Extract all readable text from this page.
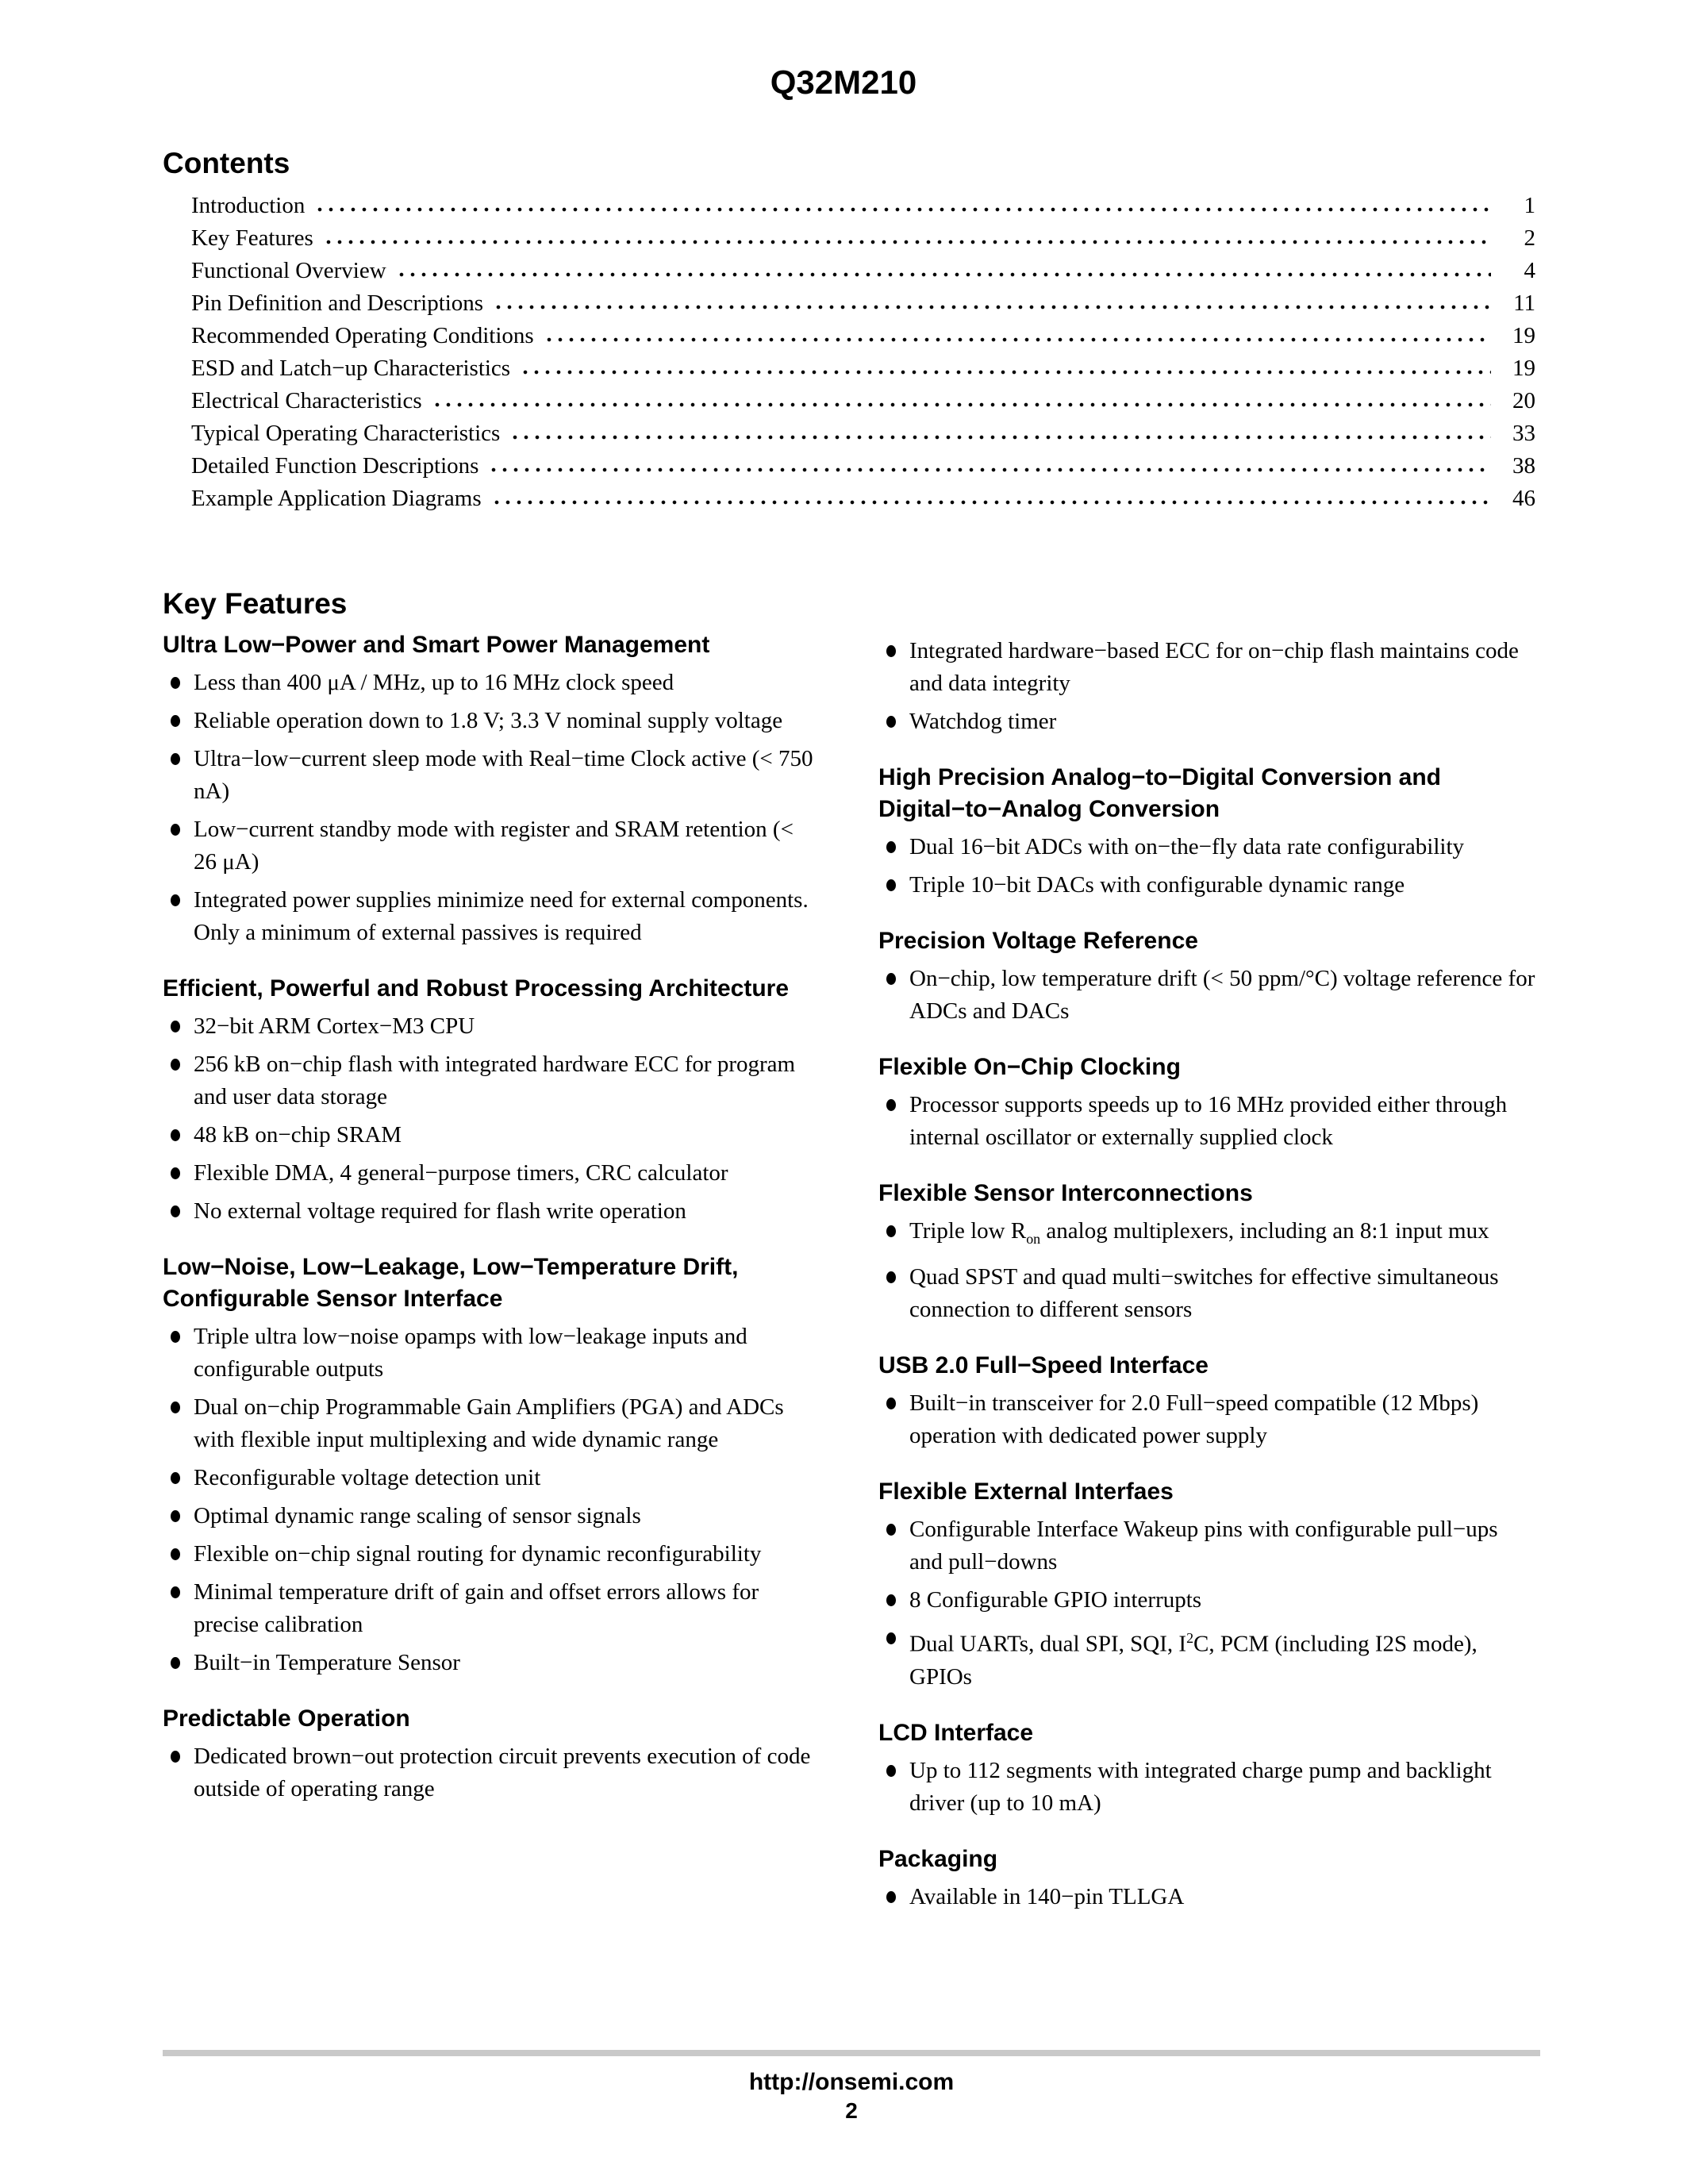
Q32M210
Contents
Introduction	1
Key Features	2
Functional Overview	4
Pin Definition and Descriptions	11
Recommended Operating Conditions	19
ESD and Latch−up Characteristics	19
Electrical Characteristics	20
Typical Operating Characteristics	33
Detailed Function Descriptions	38
Example Application Diagrams	46
Key Features
Ultra Low−Power and Smart Power Management
Less than 400 μA / MHz, up to 16 MHz clock speed
Reliable operation down to 1.8 V; 3.3 V nominal supply voltage
Ultra−low−current sleep mode with Real−time Clock active (< 750 nA)
Low−current standby mode with register and SRAM retention (< 26 μA)
Integrated power supplies minimize need for external components. Only a minimum of external passives is required
Efficient, Powerful and Robust Processing Architecture
32−bit ARM Cortex−M3 CPU
256 kB on−chip flash with integrated hardware ECC for program and user data storage
48 kB on−chip SRAM
Flexible DMA, 4 general−purpose timers, CRC calculator
No external voltage required for flash write operation
Low−Noise, Low−Leakage, Low−Temperature Drift, Configurable Sensor Interface
Triple ultra low−noise opamps with low−leakage inputs and configurable outputs
Dual on−chip Programmable Gain Amplifiers (PGA) and ADCs with flexible input multiplexing and wide dynamic range
Reconfigurable voltage detection unit
Optimal dynamic range scaling of sensor signals
Flexible on−chip signal routing for dynamic reconfigurability
Minimal temperature drift of gain and offset errors allows for precise calibration
Built−in Temperature Sensor
Predictable Operation
Dedicated brown−out protection circuit prevents execution of code outside of operating range
Integrated hardware−based ECC for on−chip flash maintains code and data integrity
Watchdog timer
High Precision Analog−to−Digital Conversion and Digital−to−Analog Conversion
Dual 16−bit ADCs with on−the−fly data rate configurability
Triple 10−bit DACs with configurable dynamic range
Precision Voltage Reference
On−chip, low temperature drift (< 50 ppm/°C) voltage reference for ADCs and DACs
Flexible On−Chip Clocking
Processor supports speeds up to 16 MHz provided either through internal oscillator or externally supplied clock
Flexible Sensor Interconnections
Triple low $R_{on}$ analog multiplexers, including an 8:1 input mux
Quad SPST and quad multi−switches for effective simultaneous connection to different sensors
USB 2.0 Full−Speed Interface
Built−in transceiver for 2.0 Full−speed compatible (12 Mbps) operation with dedicated power supply
Flexible External Interfaes
Configurable Interface Wakeup pins with configurable pull−ups and pull−downs
8 Configurable GPIO interrupts
Dual UARTs, dual SPI, SQI, $I^2C$, PCM (including I2S mode), GPIOs
LCD Interface
Up to 112 segments with integrated charge pump and backlight driver (up to 10 mA)
Packaging
Available in 140−pin TLLGA
http://onsemi.com
2
